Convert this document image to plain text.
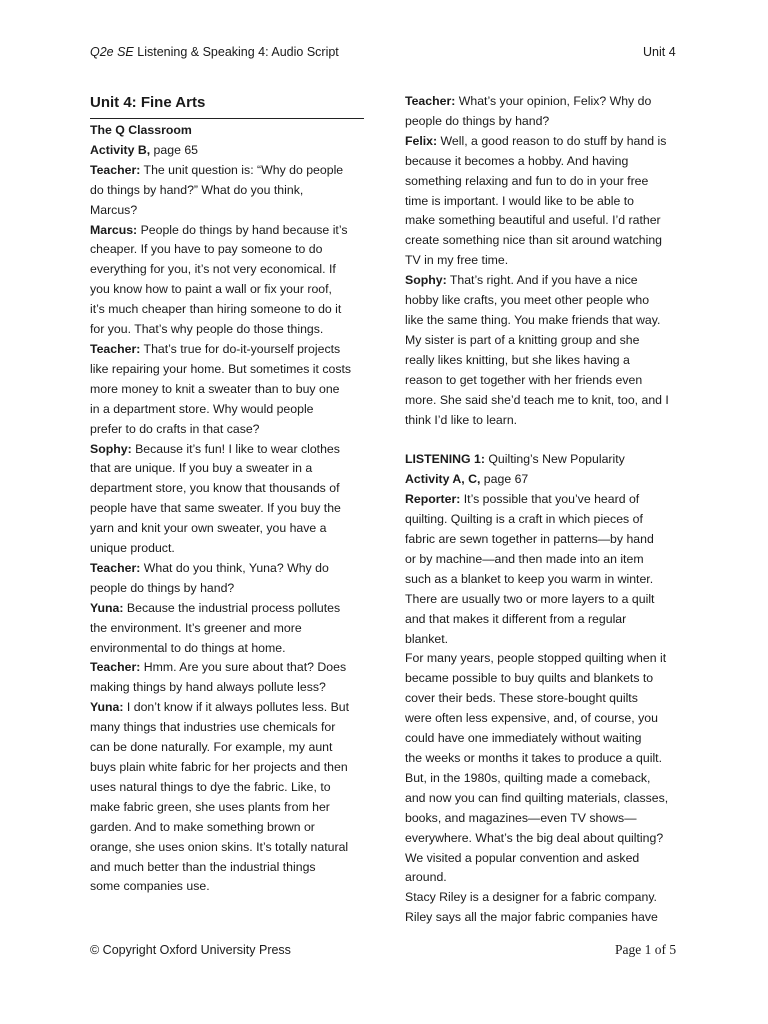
Q2e SE Listening & Speaking 4: Audio Script	Unit 4
Unit 4: Fine Arts
The Q Classroom
Activity B, page 65
Teacher: The unit question is: “Why do people
do things by hand?” What do you think,
Marcus?
Marcus: People do things by hand because it’s
cheaper. If you have to pay someone to do
everything for you, it’s not very economical. If
you know how to paint a wall or fix your roof,
it’s much cheaper than hiring someone to do it
for you. That’s why people do those things.
Teacher: That’s true for do-it-yourself projects
like repairing your home. But sometimes it costs
more money to knit a sweater than to buy one
in a department store. Why would people
prefer to do crafts in that case?
Sophy: Because it’s fun! I like to wear clothes
that are unique. If you buy a sweater in a
department store, you know that thousands of
people have that same sweater. If you buy the
yarn and knit your own sweater, you have a
unique product.
Teacher: What do you think, Yuna? Why do
people do things by hand?
Yuna: Because the industrial process pollutes
the environment. It’s greener and more
environmental to do things at home.
Teacher: Hmm. Are you sure about that? Does
making things by hand always pollute less?
Yuna: I don’t know if it always pollutes less. But
many things that industries use chemicals for
can be done naturally. For example, my aunt
buys plain white fabric for her projects and then
uses natural things to dye the fabric. Like, to
make fabric green, she uses plants from her
garden. And to make something brown or
orange, she uses onion skins. It’s totally natural
and much better than the industrial things
some companies use.
Teacher: What’s your opinion, Felix? Why do
people do things by hand?
Felix: Well, a good reason to do stuff by hand is
because it becomes a hobby. And having
something relaxing and fun to do in your free
time is important. I would like to be able to
make something beautiful and useful. I’d rather
create something nice than sit around watching
TV in my free time.
Sophy: That’s right. And if you have a nice
hobby like crafts, you meet other people who
like the same thing. You make friends that way.
My sister is part of a knitting group and she
really likes knitting, but she likes having a
reason to get together with her friends even
more. She said she’d teach me to knit, too, and I
think I’d like to learn.
LISTENING 1: Quilting’s New Popularity
Activity A, C, page 67
Reporter: It’s possible that you’ve heard of
quilting. Quilting is a craft in which pieces of
fabric are sewn together in patterns—by hand
or by machine—and then made into an item
such as a blanket to keep you warm in winter.
There are usually two or more layers to a quilt
and that makes it different from a regular
blanket.
For many years, people stopped quilting when it
became possible to buy quilts and blankets to
cover their beds. These store-bought quilts
were often less expensive, and, of course, you
could have one immediately without waiting
the weeks or months it takes to produce a quilt.
But, in the 1980s, quilting made a comeback,
and now you can find quilting materials, classes,
books, and magazines—even TV shows—
everywhere. What’s the big deal about quilting?
We visited a popular convention and asked
around.
Stacy Riley is a designer for a fabric company.
Riley says all the major fabric companies have
© Copyright Oxford University Press	Page 1 of 5
